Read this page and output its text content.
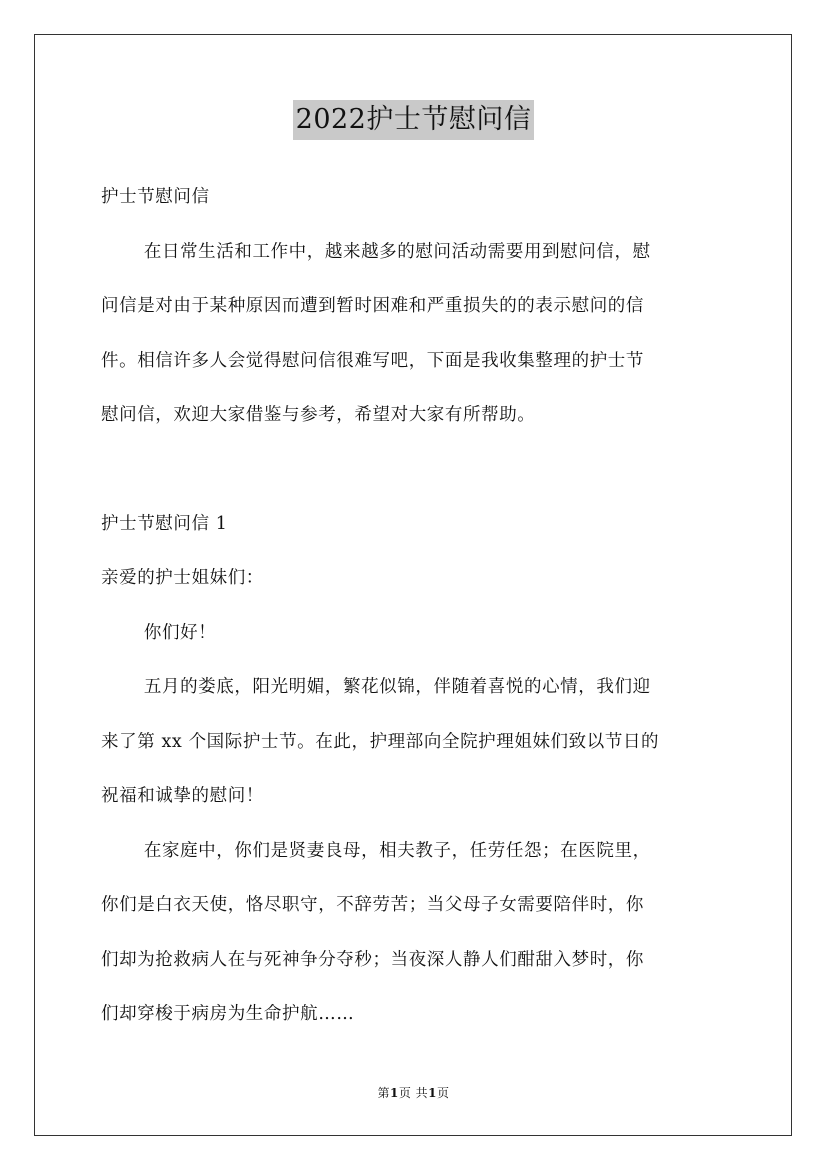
2022护士节慰问信

护士节慰问信

在日常生活和工作中，越来越多的慰问活动需要用到慰问信，慰
问信是对由于某种原因而遭到暂时困难和严重损失的的表示慰问的信
件。相信许多人会觉得慰问信很难写吧，下面是我收集整理的护士节
慰问信，欢迎大家借鉴与参考，希望对大家有所帮助。

护士节慰问信 1

亲爱的护士姐妹们：

你们好！

五月的娄底，阳光明媚，繁花似锦，伴随着喜悦的心情，我们迎
来了第 xx 个国际护士节。在此，护理部向全院护理姐妹们致以节日的
祝福和诚挚的慰问！
在家庭中，你们是贤妻良母，相夫教子，任劳任怨；在医院里，
你们是白衣天使，恪尽职守，不辞劳苦；当父母子女需要陪伴时，你
们却为抢救病人在与死神争分夺秒；当夜深人静人们酣甜入梦时，你
们却穿梭于病房为生命护航……
第1页 共1页
